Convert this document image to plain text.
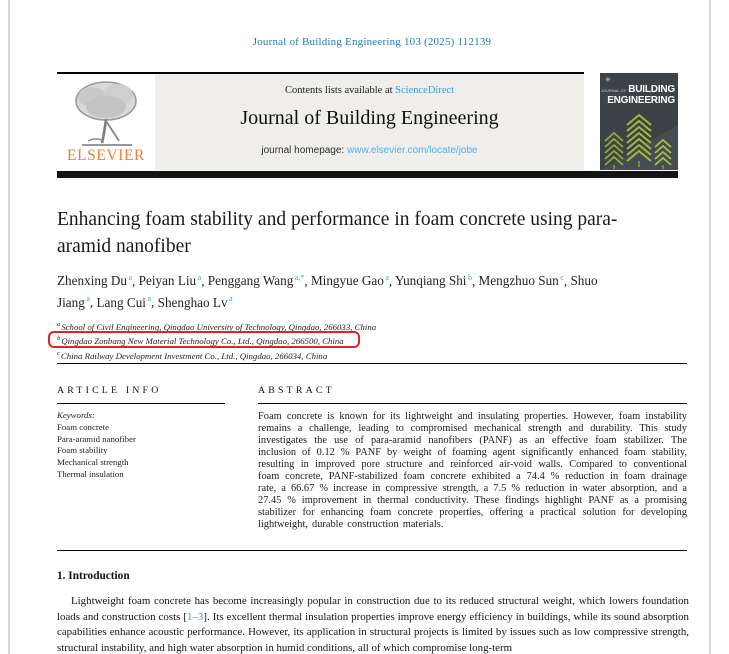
Journal of Building Engineering 103 (2025) 112139
ELSEVIER
Contents lists available at ScienceDirect
Journal of Building Engineering
journal homepage: www.elsevier.com/locate/jobe
✳
JOURNAL OF BUILDING
ENGINEERING
Enhancing foam stability and performance in foam concrete using para-aramid nanofiber
Zhenxing Du $^a$, Peiyan Liu $^a$, Penggang Wang $^{a,*}$, Mingyue Gao $^a$, Yunqiang Shi $^b$, Mengzhuo Sun $^c$, Shuo Jiang $^a$, Lang Cui $^a$, Shenghao Lv $^a$
$^a$School of Civil Engineering, Qingdao University of Technology, Qingdao, 266033, China
$^b$Qingdao Zonbang New Material Technology Co., Ltd., Qingdao, 266500, China
$^c$China Railway Development Investment Co., Ltd., Qingdao, 266034, China
ARTICLE INFO
Keywords:
Foam concrete
Para-aramid nanofiber
Foam stability
Mechanical strength
Thermal insulation
ABSTRACT
Foam concrete is known for its lightweight and insulating properties. However, foam instability remains a challenge, leading to compromised mechanical strength and durability. This study investigates the use of para-aramid nanofibers (PANF) as an effective foam stabilizer. The inclusion of 0.12 % PANF by weight of foaming agent significantly enhanced foam stability, resulting in improved pore structure and reinforced air-void walls. Compared to conventional foam concrete, PANF-stabilized foam concrete exhibited a 74.4 % reduction in foam drainage rate, a 66.67 % increase in compressive strength, a 7.5 % reduction in water absorption, and a 27.45 % improvement in thermal conductivity. These findings highlight PANF as a promising stabilizer for enhancing foam concrete properties, offering a practical solution for developing lightweight, durable construction materials.
1. Introduction
Lightweight foam concrete has become increasingly popular in construction due to its reduced structural weight, which lowers foundation loads and construction costs [1–3]. Its excellent thermal insulation properties improve energy efficiency in buildings, while its sound absorption capabilities enhance acoustic performance. However, its application in structural projects is limited by issues such as low compressive strength, structural instability, and high water absorption in humid conditions, all of which compromise long-term
